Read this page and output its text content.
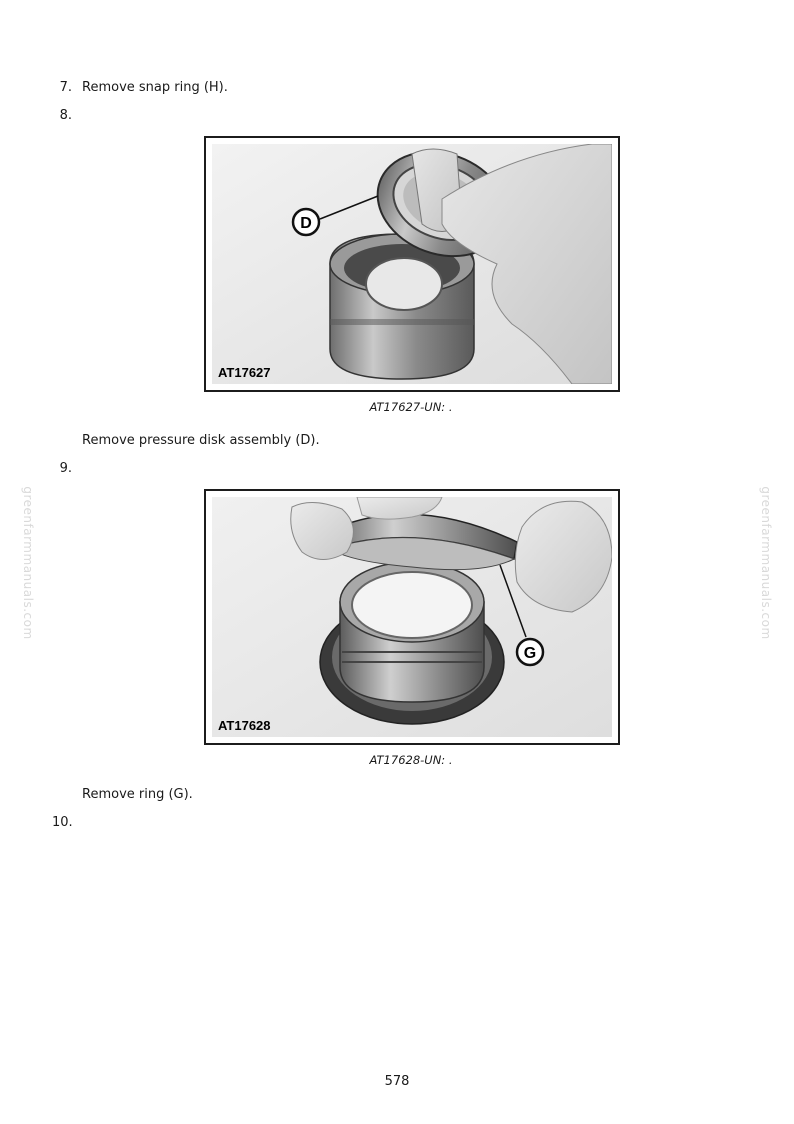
7. Remove snap ring (H).
8.
D
AT17627
AT17627-UN: .
Remove pressure disk assembly (D).
9.
G
AT17628
AT17628-UN: .
Remove ring (G).
10.
greenfarmmanuals.com	greenfarmmanuals.com
578
